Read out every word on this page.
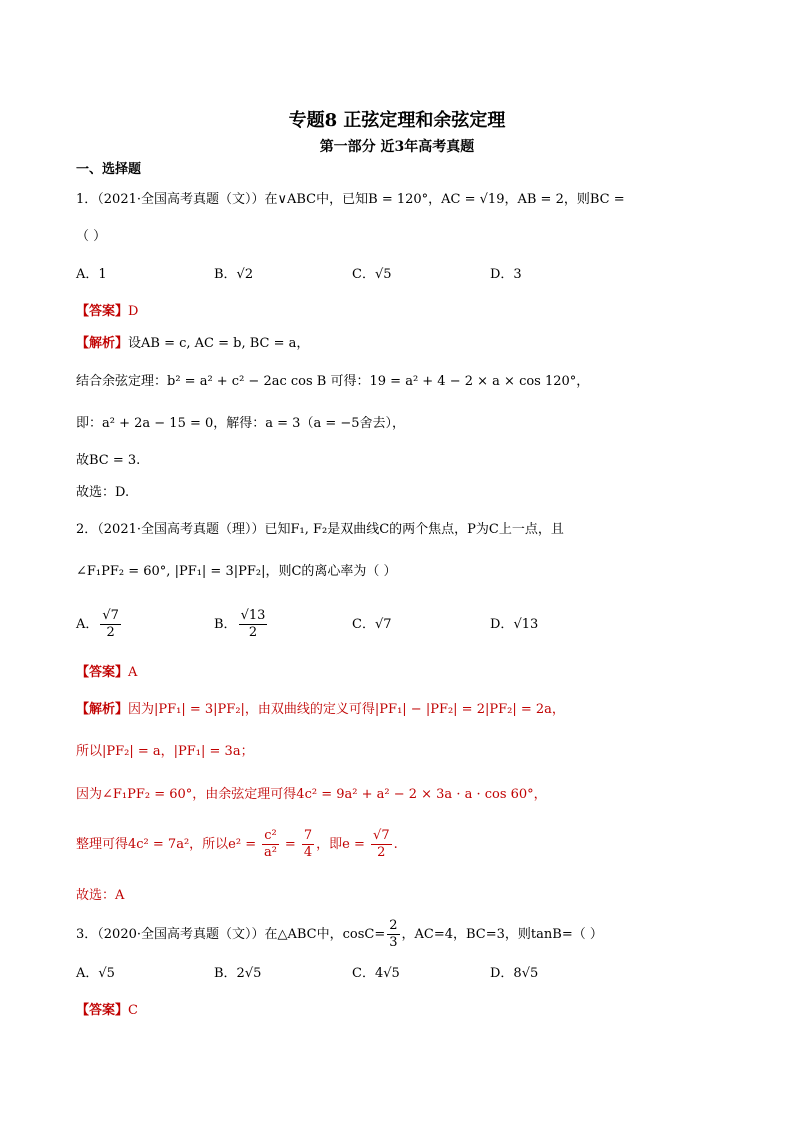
专题8 正弦定理和余弦定理
第一部分 近3年高考真题
一、选择题
1．（2021·全国高考真题（文））在∨ABC中，已知B = 120°，AC = √19，AB = 2，则BC =
（ ）
A．1	B．√2	C．√5	D．3
【答案】D
【解析】设AB = c, AC = b, BC = a，
结合余弦定理：b² = a² + c² − 2ac cos B 可得：19 = a² + 4 − 2 × a × cos 120°，
即：a² + 2a − 15 = 0，解得：a = 3（a = −5舍去），
故BC = 3.
故选：D.
2．（2021·全国高考真题（理））已知F₁, F₂是双曲线C的两个焦点，P为C上一点，且
∠F₁PF₂ = 60°, |PF₁| = 3|PF₂|，则C的离心率为（ ）
A． $\frac{√7}{2}$	B． $\frac{√13}{2}$	C．√7	D．√13
【答案】A
【解析】因为|PF₁| = 3|PF₂|，由双曲线的定义可得|PF₁| − |PF₂| = 2|PF₂| = 2a，
所以|PF₂| = a，|PF₁| = 3a；
因为∠F₁PF₂ = 60°，由余弦定理可得4c² = 9a² + a² − 2 × 3a · a · cos 60°，
整理可得4c² = 7a²，所以$e^2 = \frac{\text{c²}}{\text{a²}} = \frac{7}{4}$ ，即$e = \frac{√7}{2}$ .
故选：A
3．（2020·全国高考真题（文））在△ABC中，$\cos C= \frac{2}{3}$ ，AC=4，BC=3，则tanB=（ ）
A．√5	B．2√5	C．4√5	D．8√5
【答案】C
